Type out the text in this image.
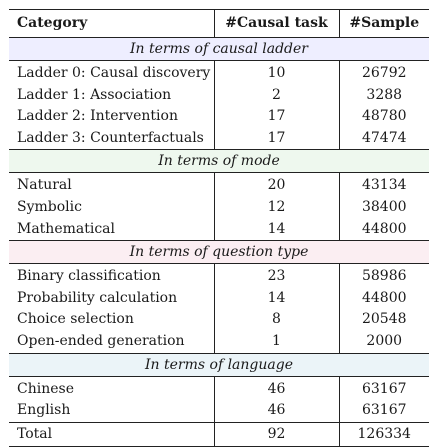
Category	#Causal task	#Sample
In terms of causal ladder		
Ladder 0: Causal discovery	10	26792
Ladder 1: Association	2	3288
Ladder 2: Intervention	17	48780
Ladder 3: Counterfactuals	17	47474
In terms of mode		
Natural	20	43134
Symbolic	12	38400
Mathematical	14	44800
In terms of question type		
Binary classification	23	58986
Probability calculation	14	44800
Choice selection	8	20548
Open-ended generation	1	2000
In terms of language		
Chinese	46	63167
English	46	63167
Total	92	126334
